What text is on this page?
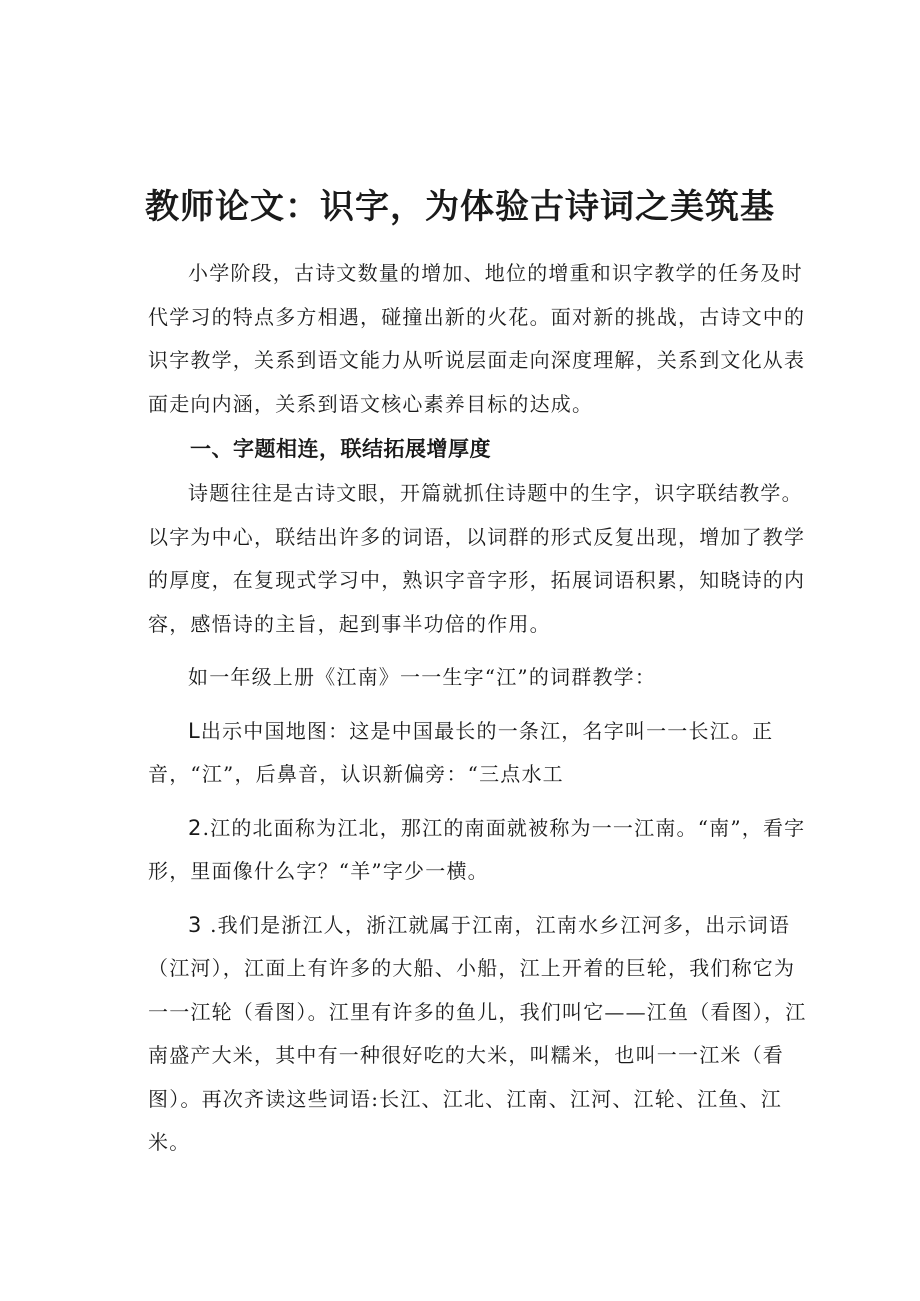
教师论文：识字，为体验古诗词之美筑基

小学阶段，古诗文数量的增加、地位的增重和识字教学的任务及时代学习的特点多方相遇，碰撞出新的火花。面对新的挑战，古诗文中的识字教学，关系到语文能力从听说层面走向深度理解，关系到文化从表面走向内涵，关系到语文核心素养目标的达成。

一、字题相连，联结拓展增厚度

诗题往往是古诗文眼，开篇就抓住诗题中的生字，识字联结教学。以字为中心，联结出许多的词语，以词群的形式反复出现，增加了教学的厚度，在复现式学习中，熟识字音字形，拓展词语积累，知晓诗的内容，感悟诗的主旨，起到事半功倍的作用。

如一年级上册《江南》一一生字“江”的词群教学：

L出示中国地图：这是中国最长的一条江，名字叫一一长江。正音，“江”，后鼻音，认识新偏旁：“三点水工

2.江的北面称为江北，那江的南面就被称为一一江南。“南”，看字形，里面像什么字？“羊”字少一横。

3 .我们是浙江人，浙江就属于江南，江南水乡江河多，出示词语（江河），江面上有许多的大船、小船，江上开着的巨轮，我们称它为一一江轮（看图）。江里有许多的鱼儿，我们叫它——江鱼（看图），江南盛产大米，其中有一种很好吃的大米，叫糯米，也叫一一江米（看图）。再次齐读这些词语:长江、江北、江南、江河、江轮、江鱼、江米。
